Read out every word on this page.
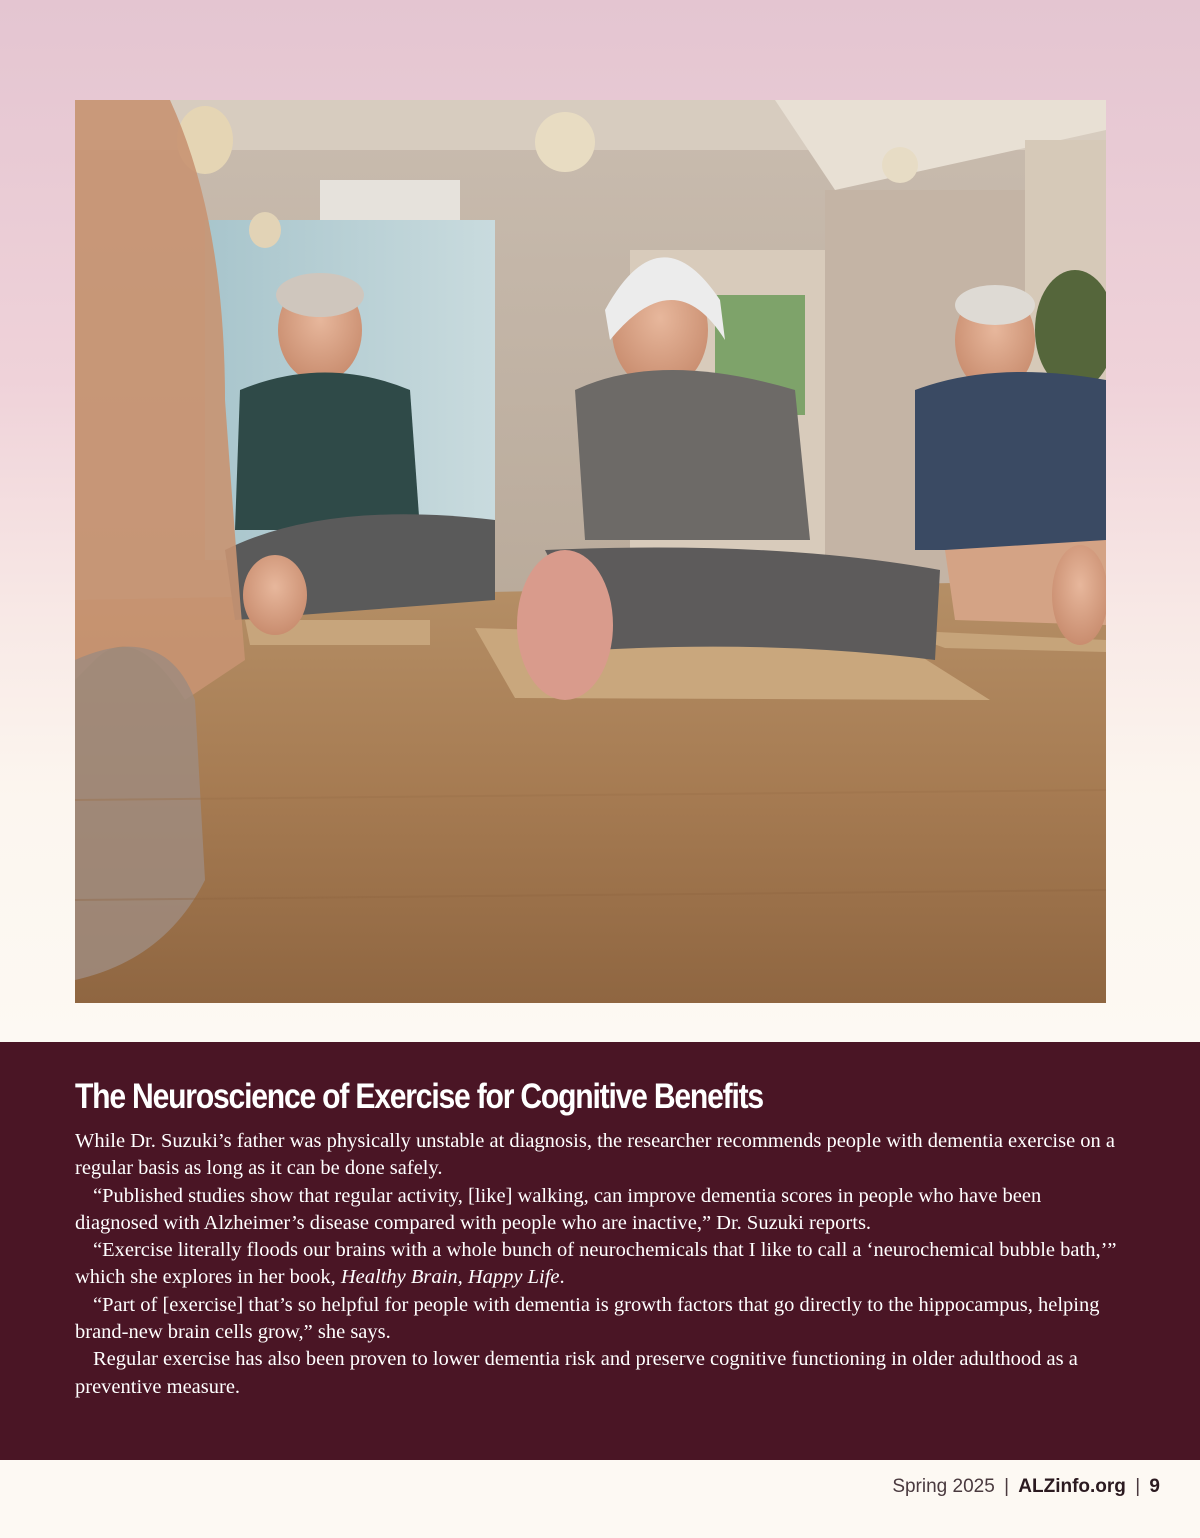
The Neuroscience of Exercise for Cognitive Benefits

While Dr. Suzuki’s father was physically unstable at diagnosis, the researcher recommends people with dementia exercise on a regular basis as long as it can be done safely.

“Published studies show that regular activity, [like] walking, can improve dementia scores in people who have been diagnosed with Alzheimer’s disease compared with people who are inactive,” Dr. Suzuki reports.

“Exercise literally floods our brains with a whole bunch of neurochemicals that I like to call a ‘neurochemical bubble bath,’” which she explores in her book, Healthy Brain, Happy Life.

“Part of [exercise] that’s so helpful for people with dementia is growth factors that go directly to the hippocampus, helping brand-new brain cells grow,” she says.

Regular exercise has also been proven to lower dementia risk and preserve cognitive functioning in older adulthood as a preventive measure.

Spring 2025 | ALZinfo.org | 9
